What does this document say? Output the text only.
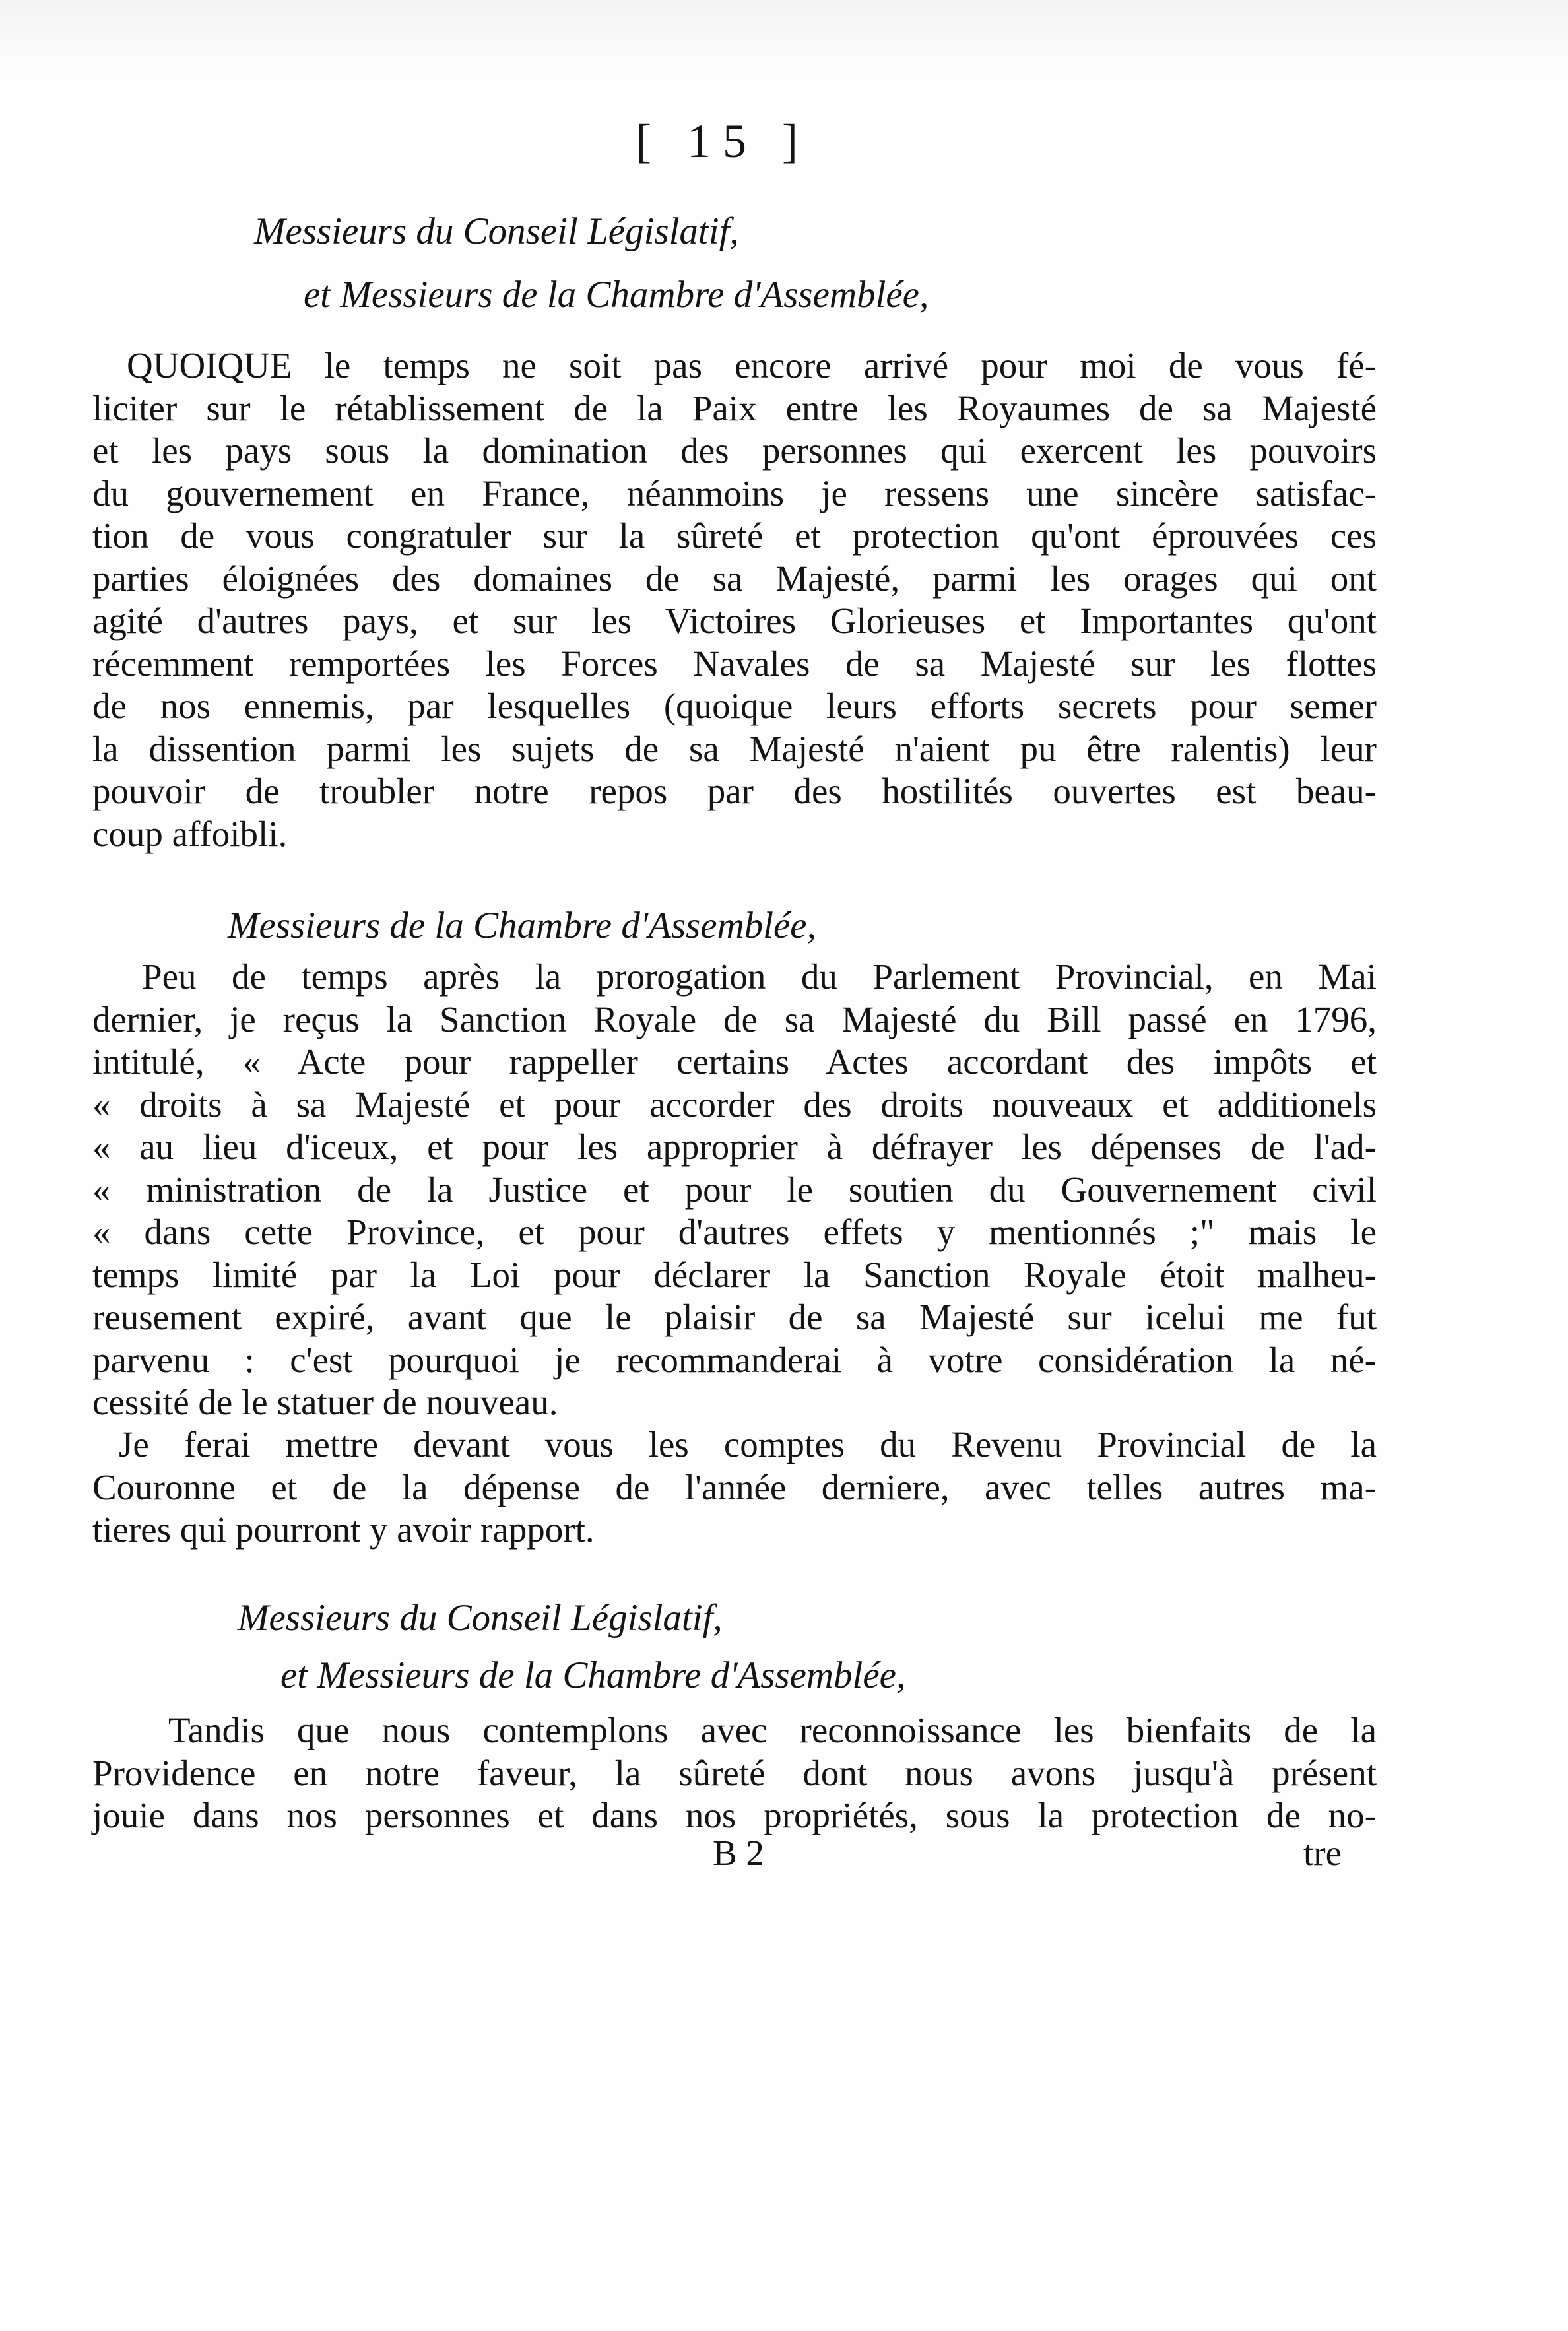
[ 15 ]
Messieurs du Conseil Législatif,
et Messieurs de la Chambre d'Assemblée,
QUOIQUE le temps ne soit pas encore arrivé pour moi de vous fé-
liciter sur le rétablissement de la Paix entre les Royaumes de sa Majesté
et les pays sous la domination des personnes qui exercent les pouvoirs
du gouvernement en France, néanmoins je ressens une sincère satisfac-
tion de vous congratuler sur la sûreté et protection qu'ont éprouvées ces
parties éloignées des domaines de sa Majesté, parmi les orages qui ont
agité d'autres pays, et sur les Victoires Glorieuses et Importantes qu'ont
récemment remportées les Forces Navales de sa Majesté sur les flottes
de nos ennemis, par lesquelles (quoique leurs efforts secrets pour semer
la dissention parmi les sujets de sa Majesté n'aient pu être ralentis) leur
pouvoir de troubler notre repos par des hostilités ouvertes est beau-
coup affoibli.
Messieurs de la Chambre d'Assemblée,
Peu de temps après la prorogation du Parlement Provincial, en Mai
dernier, je reçus la Sanction Royale de sa Majesté du Bill passé en 1796,
intitulé, « Acte pour rappeller certains Actes accordant des impôts et
« droits à sa Majesté et pour accorder des droits nouveaux et additionels
« au lieu d'iceux, et pour les approprier à défrayer les dépenses de l'ad-
« ministration de la Justice et pour le soutien du Gouvernement civil
« dans cette Province, et pour d'autres effets y mentionnés ;" mais le
temps limité par la Loi pour déclarer la Sanction Royale étoit malheu-
reusement expiré, avant que le plaisir de sa Majesté sur icelui me fut
parvenu : c'est pourquoi je recommanderai à votre considération la né-
cessité de le statuer de nouveau.
Je ferai mettre devant vous les comptes du Revenu Provincial de la
Couronne et de la dépense de l'année derniere, avec telles autres ma-
tieres qui pourront y avoir rapport.
Messieurs du Conseil Législatif,
et Messieurs de la Chambre d'Assemblée,
Tandis que nous contemplons avec reconnoissance les bienfaits de la
Providence en notre faveur, la sûreté dont nous avons jusqu'à présent
jouie dans nos personnes et dans nos propriétés, sous la protection de no-
B 2	tre
